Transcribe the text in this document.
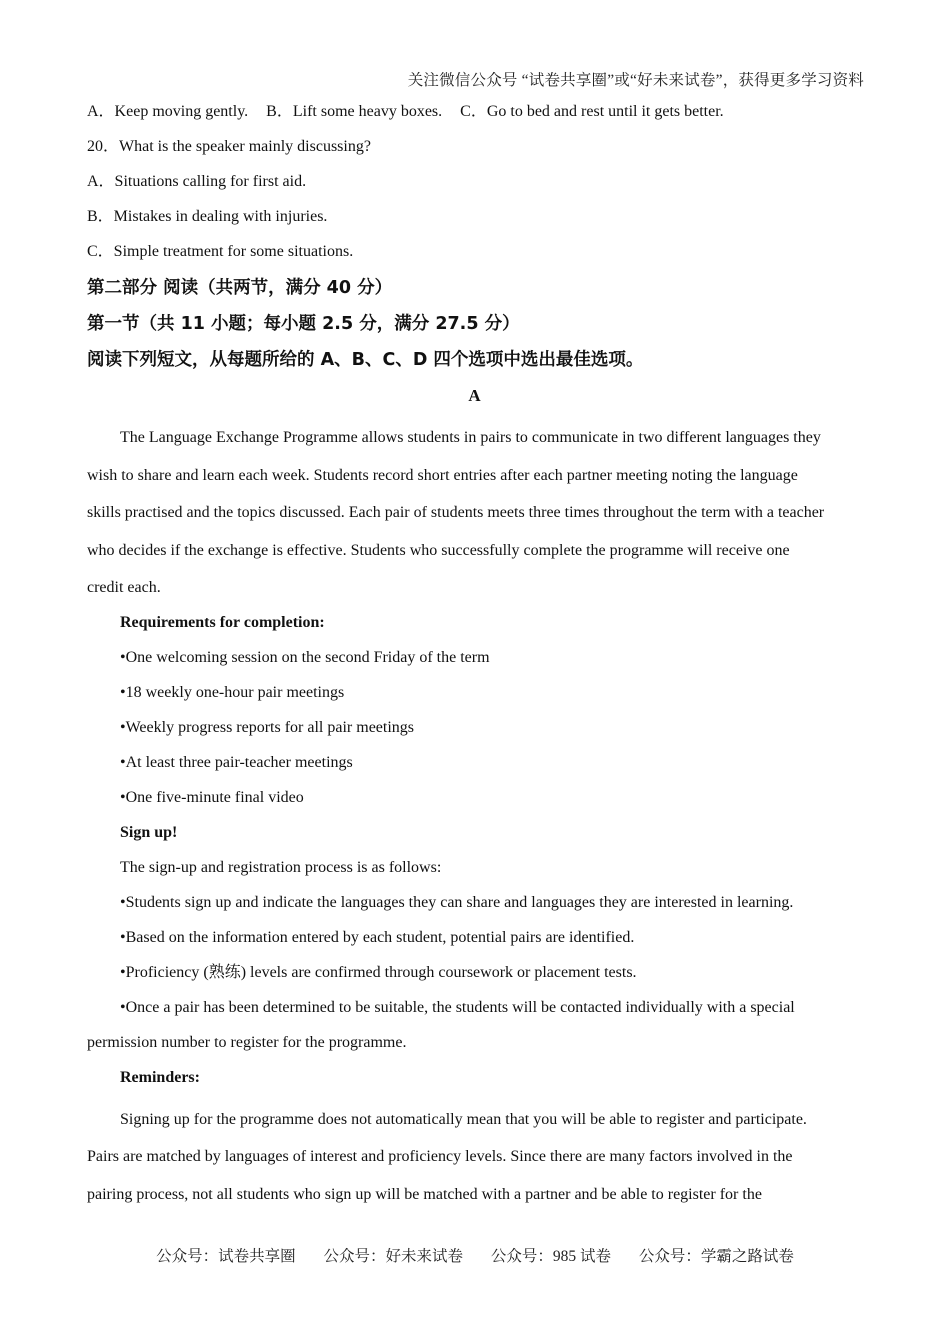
关注微信公众号 “试卷共享圈”或“好未来试卷”，获得更多学习资料
A．Keep moving gently. B．Lift some heavy boxes. C．Go to bed and rest until it gets better.
20．What is the speaker mainly discussing?
A．Situations calling for first aid.
B．Mistakes in dealing with injuries.
C．Simple treatment for some situations.
第二部分 阅读（共两节，满分 40 分）
第一节（共 11 小题；每小题 2.5 分，满分 27.5 分）
阅读下列短文，从每题所给的 A、B、C、D 四个选项中选出最佳选项。
A
The Language Exchange Programme allows students in pairs to communicate in two different languages they
wish to share and learn each week. Students record short entries after each partner meeting noting the language
skills practised and the topics discussed. Each pair of students meets three times throughout the term with a teacher
who decides if the exchange is effective. Students who successfully complete the programme will receive one
credit each.
Requirements for completion:
• One welcoming session on the second Friday of the term
• 18 weekly one-hour pair meetings
• Weekly progress reports for all pair meetings
• At least three pair-teacher meetings
• One five-minute final video
Sign up!
The sign-up and registration process is as follows:
• Students sign up and indicate the languages they can share and languages they are interested in learning.
• Based on the information entered by each student, potential pairs are identified.
• Proficiency (熟练) levels are confirmed through coursework or placement tests.
• Once a pair has been determined to be suitable, the students will be contacted individually with a special
permission number to register for the programme.
Reminders:
Signing up for the programme does not automatically mean that you will be able to register and participate.
Pairs are matched by languages of interest and proficiency levels. Since there are many factors involved in the
pairing process, not all students who sign up will be matched with a partner and be able to register for the
公众号：试卷共享圈 公众号：好未来试卷 公众号：985 试卷 公众号：学霸之路试卷
